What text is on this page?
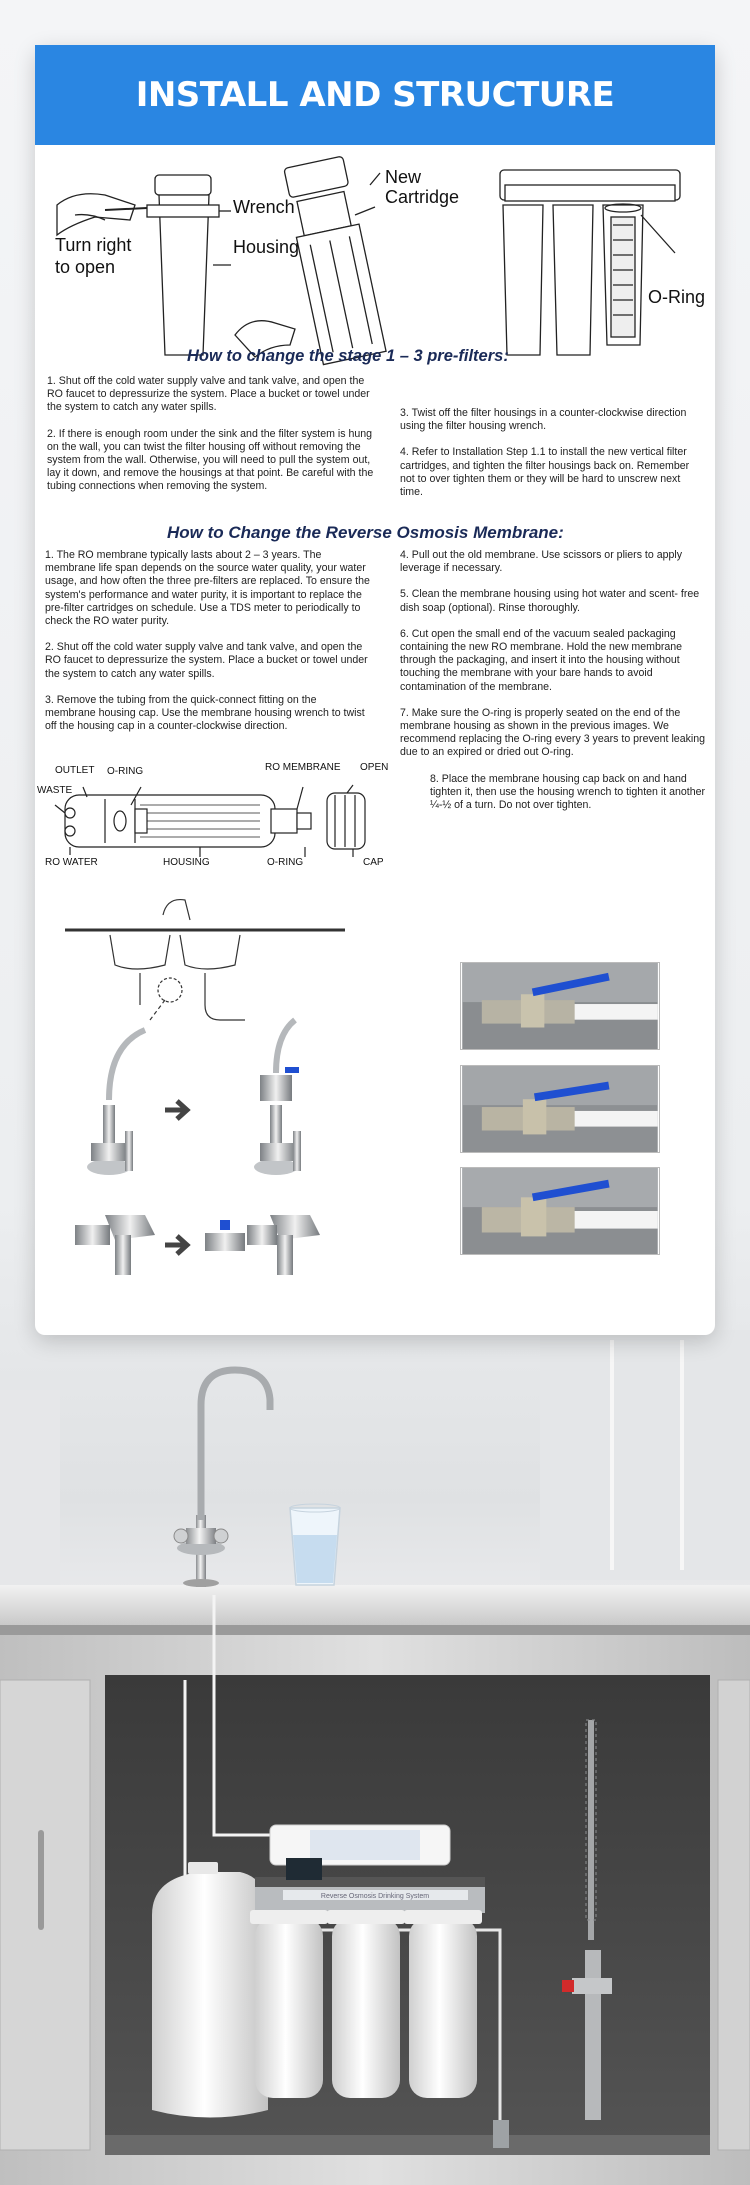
Reverse Osmosis Drinking System
INSTALL AND STRUCTURE
Turn right
to open
Wrench
Housing
New
Cartridge
O-Ring
How to change the stage 1 – 3 pre-filters:

1. Shut off the cold water supply valve and tank valve, and open the RO faucet to depressurize the system. Place a bucket or towel under the system to catch any water spills.

2. If there is enough room under the sink and the filter system is hung on the wall, you can twist the filter housing off without removing the system from the wall. Otherwise, you will need to pull the system out, lay it down, and remove the housings at that point. Be careful with the tubing connections when removing the system.

3. Twist off the filter housings in a counter-clockwise direction using the filter housing wrench.

4. Refer to Installation Step 1.1 to install the new vertical filter cartridges, and tighten the filter housings back on. Remember not to over tighten them or they will be hard to unscrew next time.

How to Change the Reverse Osmosis Membrane:

1. The RO membrane typically lasts about 2 – 3 years. The membrane life span depends on the source water quality, your water usage, and how often the three pre-filters are replaced. To ensure the system's performance and water purity, it is important to replace the pre-filter cartridges on schedule. Use a TDS meter to periodically to check the RO water purity.

2. Shut off the cold water supply valve and tank valve, and open the RO faucet to depressurize the system. Place a bucket or towel under the system to catch any water spills.

3. Remove the tubing from the quick-connect fitting on the membrane housing cap. Use the membrane housing wrench to twist off the housing cap in a counter-clockwise direction.

4. Pull out the old membrane. Use scissors or pliers to apply leverage if necessary.

5. Clean the membrane housing using hot water and scent- free dish soap (optional). Rinse thoroughly.

6. Cut open the small end of the vacuum sealed packaging containing the new RO membrane. Hold the new membrane through the packaging, and insert it into the housing without touching the membrane with your bare hands to avoid contamination of the membrane.

7. Make sure the O-ring is properly seated on the end of the membrane housing as shown in the previous images. We recommend replacing the O-ring every 3 years to prevent leaking due to an expired or dried out O-ring.

8. Place the membrane housing cap back on and hand tighten it, then use the housing wrench to tighten it another ¼-½ of a turn. Do not over tighten.

OUTLET O-RING
WASTE
RO WATER	HOUSING
RO MEMBRANE OPEN
O-RING	CAP
